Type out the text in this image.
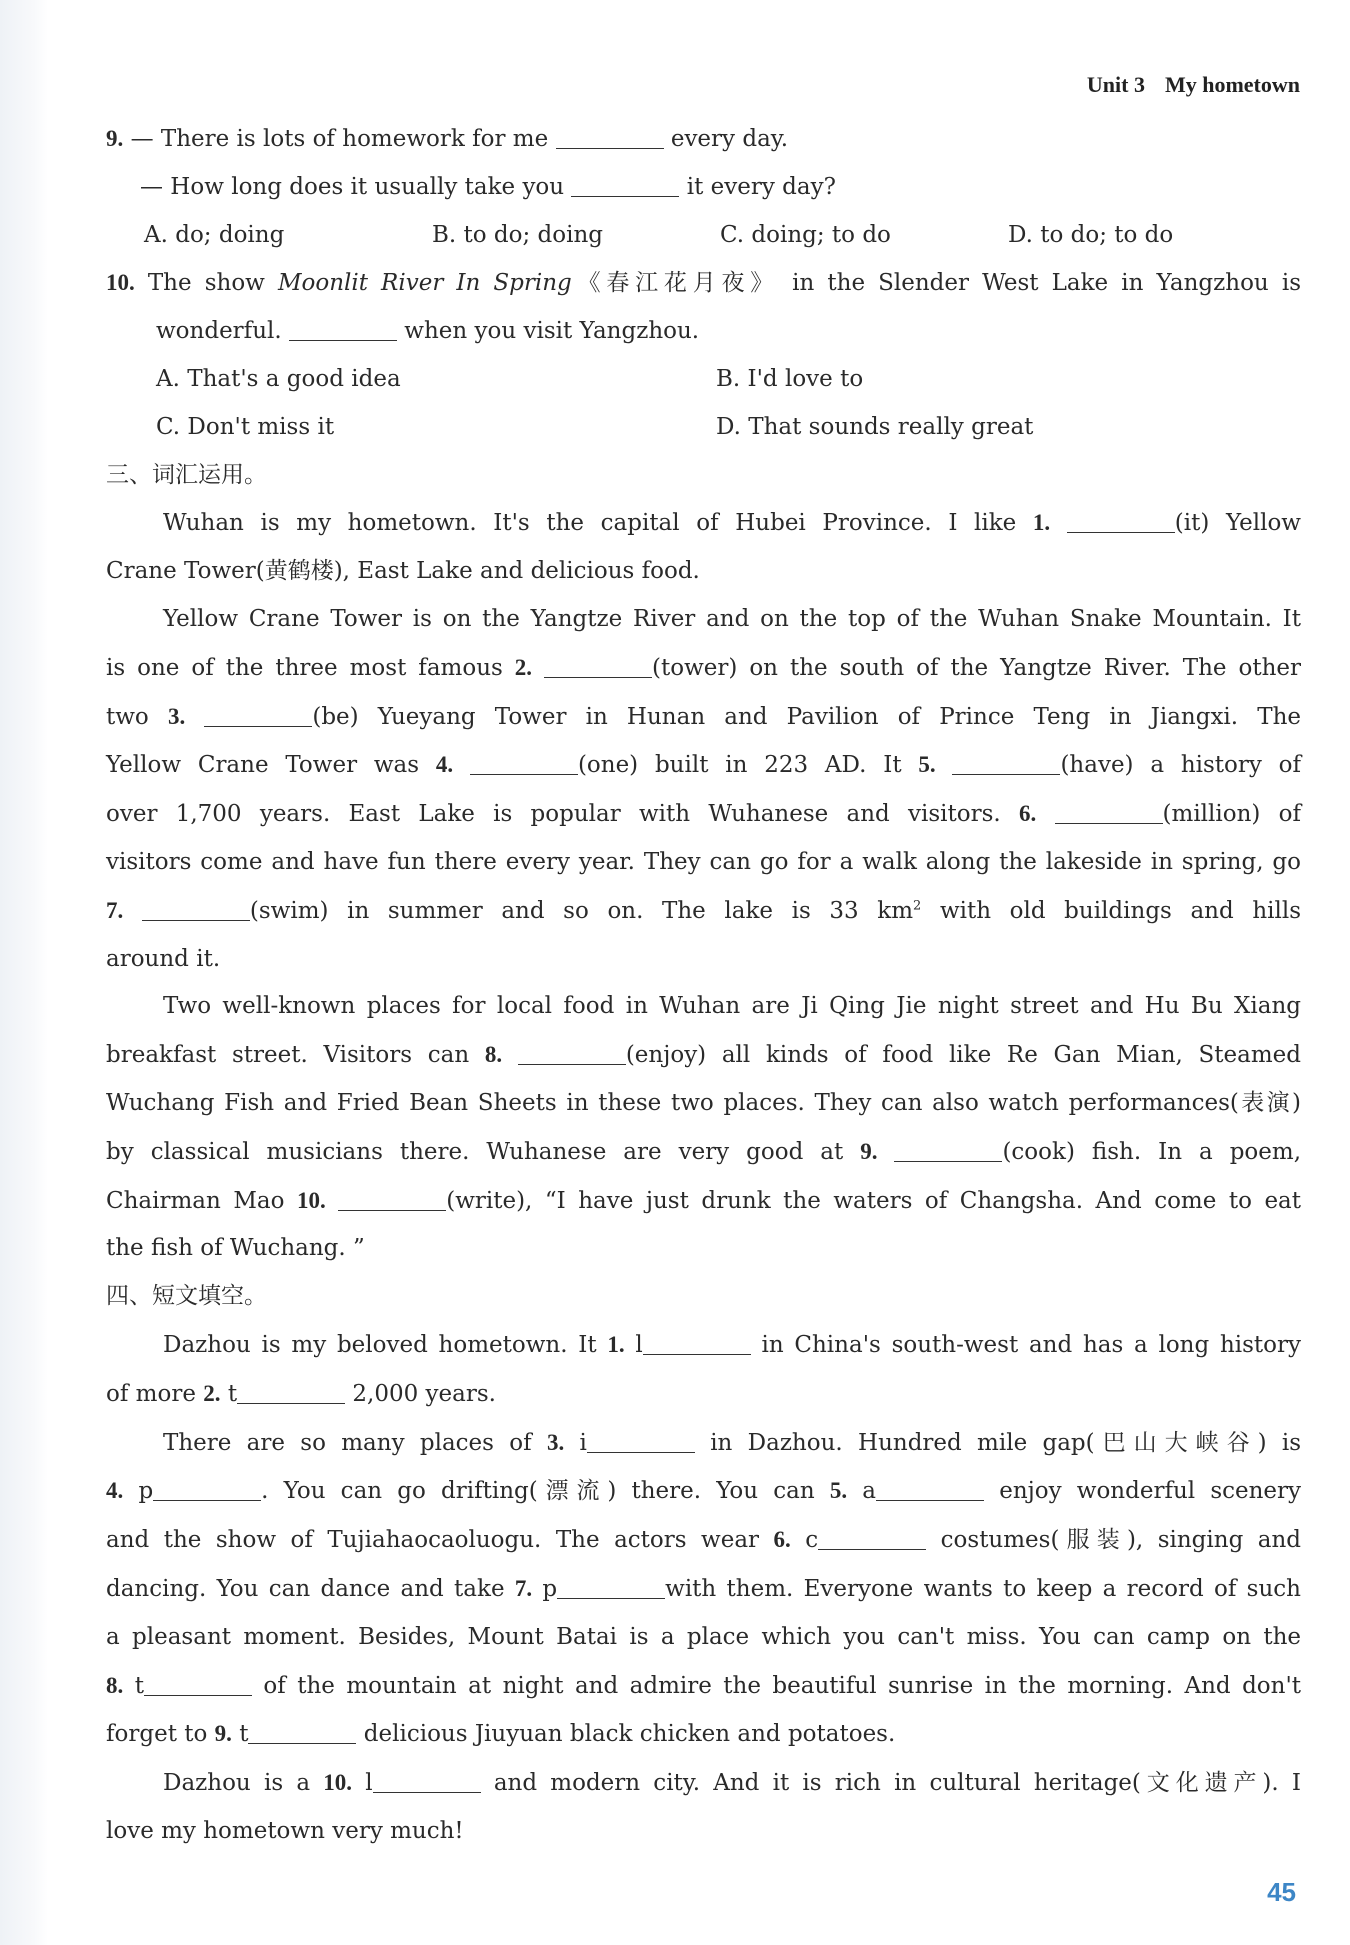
Unit 3 My hometown

9. — There is lots of homework for me	every day.

— How long does it usually take you	it every day?

A. do; doing	B. to do; doing	C. doing; to do	D. to do; to do

10. The show Moonlit River In Spring《春江花月夜》 in the Slender West Lake in Yangzhou is

wonderful.	when you visit Yangzhou.

A. That's a good idea	B. I'd love to

C. Don't miss it	D. That sounds really great

三、词汇运用。

Wuhan is my hometown. It's the capital of Hubei Province. I like 1.	(it) Yellow

Crane Tower(黄鹤楼), East Lake and delicious food.

Yellow Crane Tower is on the Yangtze River and on the top of the Wuhan Snake Mountain. It

is one of the three most famous 2.	(tower) on the south of the Yangtze River. The other

two 3.	(be) Yueyang Tower in Hunan and Pavilion of Prince Teng in Jiangxi. The

Yellow Crane Tower was 4.	(one) built in 223 AD. It 5.	(have) a history of

over 1,700 years. East Lake is popular with Wuhanese and visitors. 6.	(million) of

visitors come and have fun there every year. They can go for a walk along the lakeside in spring, go

7.	(swim) in summer and so on. The lake is 33 $km^2$ with old buildings and hills

around it.

Two well-known places for local food in Wuhan are Ji Qing Jie night street and Hu Bu Xiang

breakfast street. Visitors can 8.	(enjoy) all kinds of food like Re Gan Mian, Steamed

Wuchang Fish and Fried Bean Sheets in these two places. They can also watch performances(表演)

by classical musicians there. Wuhanese are very good at 9.	(cook) fish. In a poem,

Chairman Mao 10.	(write), “I have just drunk the waters of Changsha. And come to eat

the fish of Wuchang. ”

四、短文填空。

Dazhou is my beloved hometown. It 1. l	in China's south-west and has a long history

of more 2. t	2,000 years.

There are so many places of 3. i	in Dazhou. Hundred mile gap(巴山大峡谷) is

4. p	. You can go drifting(漂流) there. You can 5. a	enjoy wonderful scenery

and the show of Tujiahaocaoluogu. The actors wear 6. c	costumes(服装), singing and

dancing. You can dance and take 7. p	with them. Everyone wants to keep a record of such

a pleasant moment. Besides, Mount Batai is a place which you can't miss. You can camp on the

8. t	of the mountain at night and admire the beautiful sunrise in the morning. And don't

forget to 9. t	delicious Jiuyuan black chicken and potatoes.

Dazhou is a 10. l	and modern city. And it is rich in cultural heritage(文化遗产). I

love my hometown very much!

45
